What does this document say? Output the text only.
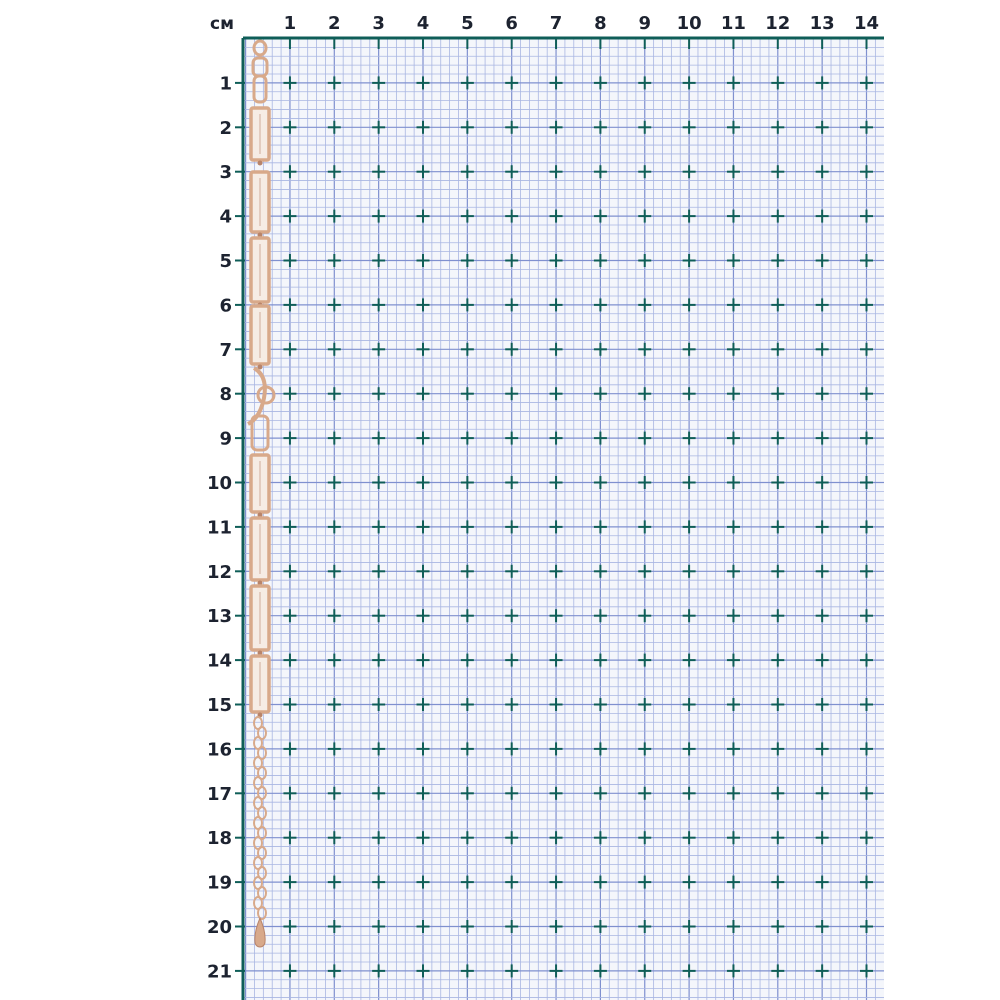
см	1 2 3 4 5 6 7 8 9 10 11 12 13 14
1
2
3
4
5
6
7
8
9
10
11
12
13
14
15
16
17
18
19
20
21
